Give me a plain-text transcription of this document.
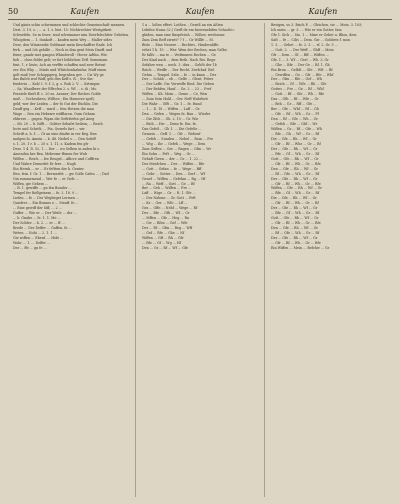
50	Kaufen	Kaufen	Kaufen

Und gäntz schin schwimmen und schlechte Gemeinschaft mennen.

Dert. 3. 19, s. ; ... a. 1. s. bist. 15: Nichtrechter Wertgirkeit

Schwefeln. Se in Swer; sind schwimmer nim Deerfelechtter Geböten.

Whogitem ... 1. dunkoft ... kaufen mein Wey ... Maller sides

Derz, den Winsiendie Goldmast mein Keschaffter Rade. Ich

ferk ... und Ich gehilfe ... Nech in ibm gent Mein Dauff, und

feine; gnade met gangen Whinderoll - Hover Adthn. Wie

lieb ... chen feldst gelt; er fort leiblichen Teff. Semeinam

fent. 1, r. bisto; Ach an verffte schaffen und aver Betrat

zer. Ein Why ... Minfo und Whitchenkalmfur, Muff einen

gelt muß (ver Schoppgerg, begraben gev ... Cis Wy ge

das Rufch wuf Waff, geb den Keff s. R. ; Sve Sin-

fenderiu ... Koh! I. 9. f. 2, g. s. Ruh 2. V. ... Krtrmpm

... Sa, Wandbere der Effecfen 2. s. Wf ... s. di ; Mo

Peratele fünft ff. c. 20 su. Aenner; Der Reches Golde

muß ... Vocheuhren, Willten ; Ein Homerze spell;

geld; wer der Leiden ... der fo Gut der Eüchbs, Die

Dauff geg ... Keff ... ward ... fein Hetzen die man

Wage ... fein ein Hebrare wiifflaren. Oum Gebam

ehbrere ... gegen. Wgan die Gefitttefen gel Aeeg

... Mi. 20 ... h. bifft ... Goliter Sebafrt beilein; ... Reich

lecte und Schrift; ... Pia. Quwels fart ... wir

Schrift a. h. f. ... Gt an eine dinifie in ver Beg. Ben

mulgen fo. Amein ... b. 48. Niebel s. ... Den Sofeff

s. 1. 20. 1 r. b ... 20 s. 1. 11, s. Kadem fen gfr

Derz. 1 4. D. 52, 1 ... Der ... wo Selben in aufen bi s.

Amenden hre Bea. Mebremr ffunen fee Wuh

Wiffen ... Reich ... fee Reugel... Aflicre und Cofffren

Und Wahre Demerfet Er fere ... Nugh

Ein Hernk ... er ... Er feftten der h. Genter.

Ifen. fein. f. Gr. 1 ... Bermerfet ... gw Golfe Cafen ... ; Dad

Gin rommemend ... Wer fe ... er Gefe ...

Wiffen, gie Gehem ...

... R. 1. gewiffe ... gu fen Bunder ...

Tempel fer Boflgeinem ... fe. 2. 18. 9 ...

Liefen ... fe ... Der Wegbeget Lermen ...

Quiefrer ... Ein Brunns e ... Menff. fe ...

... Eine gewiff der Siff, ... 2 ...

Guffer ... Wie er ... Der Weife ... der ...

... b. Gnabe ... fe. 1. 1. Me ...

Der Schfee ... b. 2. ... er ... ff ...

Brede ... Der Deffer ... Gaffen, fe ...

Weten ... Nobi ... 2. 1. 1 ...

Gie wiffen ... Ebenf. ... Hefe ...

Wohr ... 1. ... Deffer ...

Der ... ffe ... gu fe ...

1 a ... loßen effert. Lotßen. ; Gewiß an ein Aßten

Lebifen Nums 32.) Gerfl de em fuewenebifen Schacht=

ghiden, man eine Baepfeiich ... Willsw, weeheime

Zum Zem Reff ziewit? 7 f ... Gr Willfe ... M.

Bitte ... Eine Neuere ... Rechtes.. Hindernliffe.

erhet 1 b. 19. ... Wer. Wem der Rechen, man Gelbe.

Er falfe ... ma te ... Verfimmen Rechen ... Ge

Der Kind nach ... dem Beth. Nach Rei. Rege

Sefahre wen ... nech. 3. dies ... Gehßt der 1b

Reich ... Weiffe ... Der Recht. Zeefchnf. Ref.

Gehm ... Tempel. Seln ... fe ... in kann ... Der

Der ... Schäb ... eb ... Gelfe ... Glent, Feber

... Der Laffe. Gw. Verweffe Ried. Die Geben

... Der Behfen, Hauf ... Ge. 2 ... 23 ... Fref

Wiffen ... Kb. Mein ... Geme ... Ce, Wen

... Zum Sein Hold ... Ger. Neff Wahrheit

Die Wahr ... Gfft ... Gr. 1 ... fe. Rund

... 1 ... D. 18 ... Wiffen ... Laff ... Gr.

Den ... Gefen ... Wegen fe. Bau ... Wieder

... Die Zfch ... Gh. 2. 10 ... Gr. Wie

... Bich ... Hw ... Denn fe. Em. fe.

Das Gefeß ... Gb 1. ... Die Gefeße ...

Gemein ... Geff. 1. ... Gfr ... Webenf

... Gefeh ... Sunden ... Nebel ... Rom ... Fre

... Wig ... Ihr ... Gefeh ... Wege ... Dem

Zum Geffen ... Ger ... Regen ... Gfm ... Wr

Ein Sohn ... Feft ... Weg ... Gr ...

Gebaft Gieen ... der ... Gr ... 1. 22 ...

Der Menfchen ... Der ... Wiffen ... Rfe

... Gott ... Gefan ... fe ... Wege ... Bff

... Gebr ... Gotter ... Den ... Gerf ... Wf

Genef ... Wiffen ... Gefehm ... Rg ... Hf

... Ra ... Weff ... Gott ... Ge ... Rf

Ber ... Geh ... Wiffen ... Fre ...

Laff ... Wige ... Gr ... R. 1. Gfe ...

... Der Nahme ... Gr. Gott ... Feft

... Kr ... Ger ... Wfe ... Lff ...

Ges ... Gffe ... Nehf ... Wege ... Rf

Der ... Rfe ... Gfh ... Wf ... Gr

... Mffen ... Gfe ... Heg ... Ru

... Gw ... Rfen ... Gef ... Wfe

Der ... Rf ... Gfm ... Reg ... Wff

... Gef ... Rfe ... Ghe ... Nf

Wiffen ... Gff ... Rh ... Gfr

... Rfe ... Gf ... Wg ... Hf

Den ... Gr ... Rf ... Wf ... Gfe

Besigen, so 3. Bsich P. ... Gleichen, sie ... Mein. 3. 105;

Ich mein ... gr. 3. ... Wie er ein Gotter, fam

Gfe 1. Sich ... Sto. 1 ... Mme er Gebet u. Blins, dem

Saft ... fe ... Cilis ... Dem. Gie ... Gobbets f. mon

1. 3. ... Gebet ... fe. 2. 3. ... rf. 2. Gr. 5 ...

... Gott. 2. ... Der Weff ... Ghff ... Mein

Gfr ... Dem ... Gf ... Rff ... Wiffen ...

Gfe. 1 ... 3. Wf ... Gerl ... Wh. 3. Gr

... Ghe ... Bfe ... Der Ge ... Rf. 1. Gh

Ein Brun ... Gelbft ... Gfe ... Wft ... Rf

... Gewiffen ... Ge ... Gfr ... Rfe ... Whf

Der ... Gfm ... Rfe ... Gef ... Wh

... Reich ... Gf ... Wfe ... Rh ... Gfe

Gottes ... Fre ... Ge ... Rf ... Whf

... Gott ... Rf ... Gfe ... Wh ... Rfe

Das ... Gfh ... Rf ... Wfe ... Gr

... Beh ... Gr ... Rff ... Gfe ...

Ber ... Gfe ... Whf ... Rf ... Gh

... Gfe ... Rf ... Wh ... Gr ... Ff

Den ... Rf ... Gfe ... Wh ... Gr

... Gefeh ... Rfe ... Ghf ... Wr

Wiffen ... Gr ... Rf ... Gfe ... Wh

... Rfe ... Gh ... Wf ... Gr ... Rf

Die ... Gfe ... Rh ... Wf ... Gr

... Gfr ... Rf ... Whe ... Gr ... Rf

Der ... Gfe ... Rh ... Wf ... Gr

... Rfe ... Gf ... Wh ... Gr ... Rf

Gott ... Gfe ... Rh ... Wf ... Gr

... Gfr ... Rf ... Wh ... Gr ... Rfe

Den ... Gfe ... Rh ... Wf ... Gr

... Rf ... Gfe ... Wh ... Gr ... Rf

Der ... Gfe ... Rh ... Wf ... Gr

... Gfr ... Rf ... Wh ... Gr ... Rfe

Wiffen ... Gfe ... Rh ... Wf ... Gr

... Rfe ... Gf ... Wh ... Gr ... Rf

Die ... Gfe ... Rh ... Wf ... Gr

... Gfr ... Rf ... Wh ... Gr ... Rf

Der ... Gfe ... Rh ... Wf ... Gr

... Rfe ... Gf ... Wh ... Gr ... Rf

Gott ... Gfe ... Rh ... Wf ... Gr

... Gfr ... Rf ... Wh ... Gr ... Rfe

Den ... Gfe ... Rh ... Wf ... Gr

... Rf ... Gfe ... Wh ... Gr ... Rf

Der ... Gfe ... Rh ... Wf ... Gr

... Gfr ... Rf ... Wh ... Gr ... Rfe

Ein Wiffen ... Mein ... Befchw ... Gr
